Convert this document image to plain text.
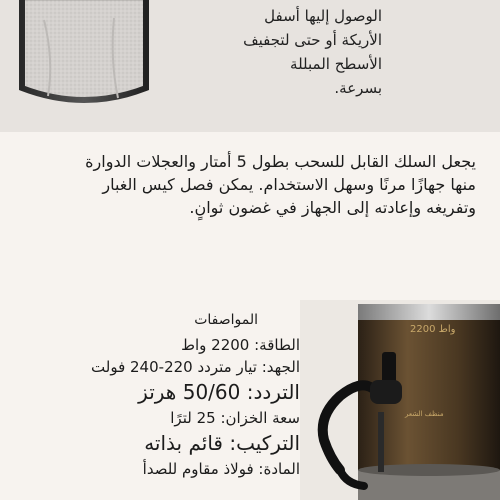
الوصول إليها أسفل
الأريكة أو حتى لتجفيف
الأسطح المبللة
بسرعة.
يجعل السلك القابل للسحب بطول 5 أمتار والعجلات الدوارة
منها جهازًا مرنًا وسهل الاستخدام. يمكن فصل كيس الغبار
وتفريغه وإعادته إلى الجهاز في غضون ثوانٍ.
2200 واط
منظف الشعر
المواصفات
الطاقة: 2200 واط
الجهد: تيار متردد 220-240 فولت
التردد: 50/60 هرتز
سعة الخزان: 25 لترًا
التركيب: قائم بذاته
المادة: فولاذ مقاوم للصدأ
